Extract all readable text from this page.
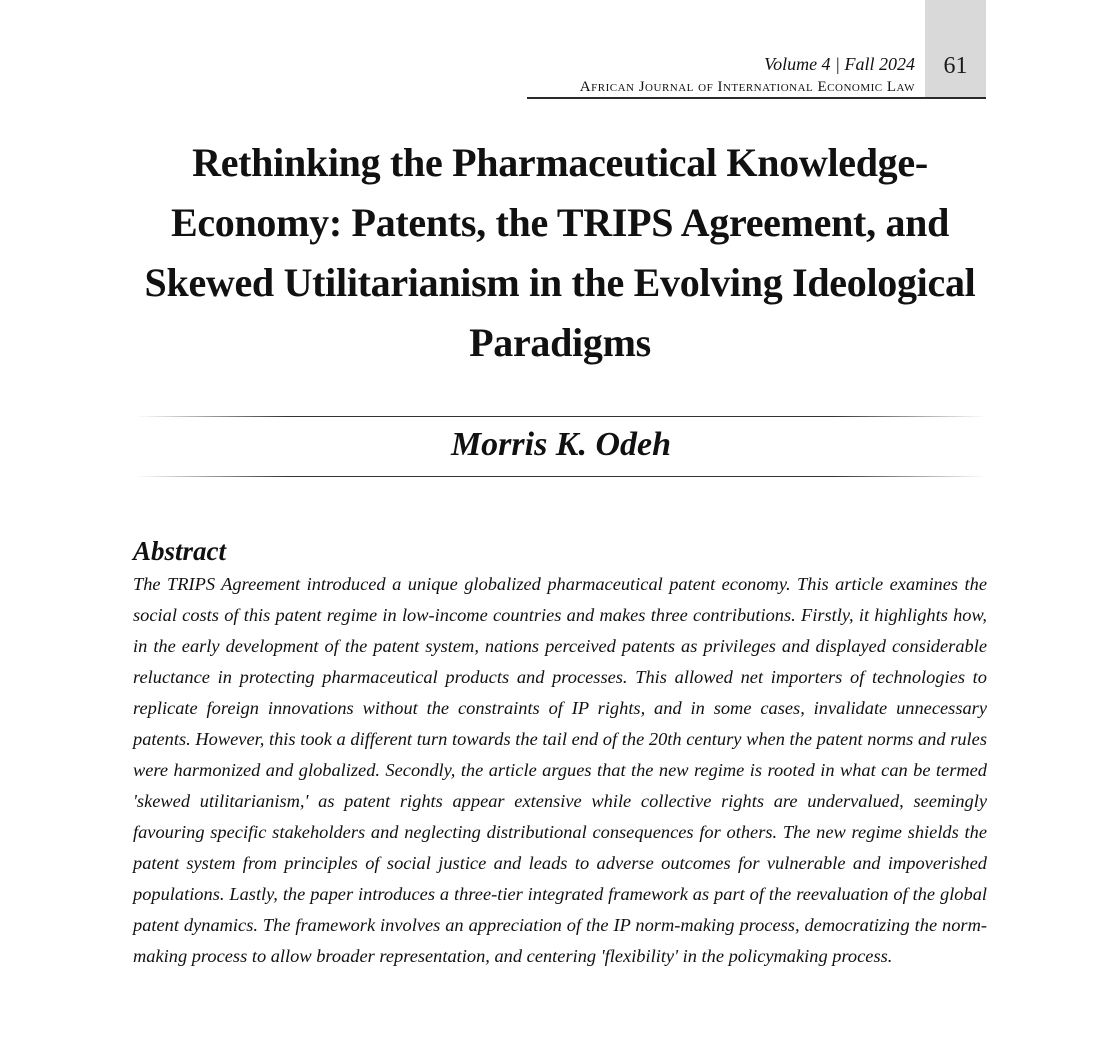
61
Volume 4 | Fall 2024
African Journal of International Economic Law
Rethinking the Pharmaceutical Knowledge-Economy: Patents, the TRIPS Agreement, and Skewed Utilitarianism in the Evolving Ideological Paradigms
Morris K. Odeh
Abstract

The TRIPS Agreement introduced a unique globalized pharmaceutical patent economy. This article examines the social costs of this patent regime in low-income countries and makes three contributions. Firstly, it highlights how, in the early development of the patent system, nations perceived patents as privileges and displayed considerable reluctance in protecting pharmaceutical products and processes. This allowed net importers of technologies to replicate foreign innovations without the constraints of IP rights, and in some cases, invalidate unnecessary patents. However, this took a different turn towards the tail end of the 20th century when the patent norms and rules were harmonized and globalized. Secondly, the article argues that the new regime is rooted in what can be termed 'skewed utilitarianism,' as patent rights appear extensive while collective rights are undervalued, seemingly favouring specific stakeholders and neglecting distributional consequences for others. The new regime shields the patent system from principles of social justice and leads to adverse outcomes for vulnerable and impoverished populations. Lastly, the paper introduces a three-tier integrated framework as part of the reevaluation of the global patent dynamics. The framework involves an appreciation of the IP norm-making process, democratizing the norm-making process to allow broader representation, and centering 'flexibility' in the policymaking process.
